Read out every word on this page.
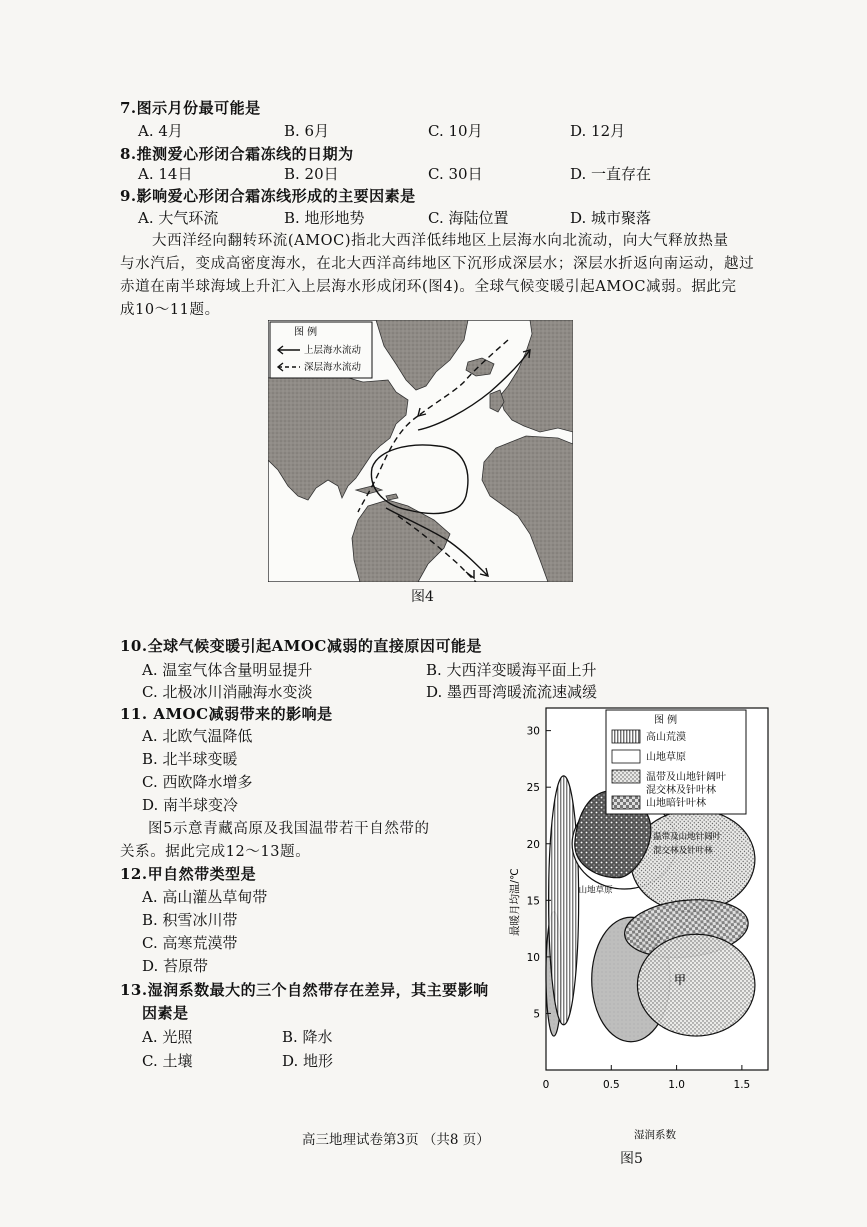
7.图示月份最可能是
A. 4月	B. 6月	C. 10月	D. 12月
8.推测爱心形闭合霜冻线的日期为
A. 14日	B. 20日	C. 30日	D. 一直存在
9.影响爱心形闭合霜冻线形成的主要因素是
A. 大气环流	B. 地形地势	C. 海陆位置	D. 城市聚落
大西洋经向翻转环流(AMOC)指北大西洋低纬地区上层海水向北流动，向大气释放热量
与水汽后，变成高密度海水，在北大西洋高纬地区下沉形成深层水；深层水折返向南运动，越过
赤道在南半球海域上升汇入上层海水形成闭环(图4)。全球气候变暖引起AMOC减弱。据此完
成10～11题。
图 例
上层海水流动
深层海水流动
图4
10.全球气候变暖引起AMOC减弱的直接原因可能是
A. 温室气体含量明显提升	B. 大西洋变暖海平面上升
C. 北极冰川消融海水变淡	D. 墨西哥湾暖流流速减缓
11. AMOC减弱带来的影响是
A. 北欧气温降低
B. 北半球变暖
C. 西欧降水增多
D. 南半球变冷
图5示意青藏高原及我国温带若干自然带的
关系。据此完成12～13题。
12.甲自然带类型是
A. 高山灌丛草甸带
B. 积雪冰川带
C. 高寒荒漠带
D. 苔原带
13.湿润系数最大的三个自然带存在差异，其主要影响
因素是
A. 光照	B. 降水
C. 土壤	D. 地形
温带及山地针阔叶
混交林及针叶林
山地草原
甲
5
10
15
20
25
30
0	0.5	1.0	1.5
图 例
高山荒漠
山地草原
温带及山地针阔叶
混交林及针叶林
山地暗针叶林
最暖月均温/℃
湿润系数
图5
高三地理试卷第3页 （共8 页）
